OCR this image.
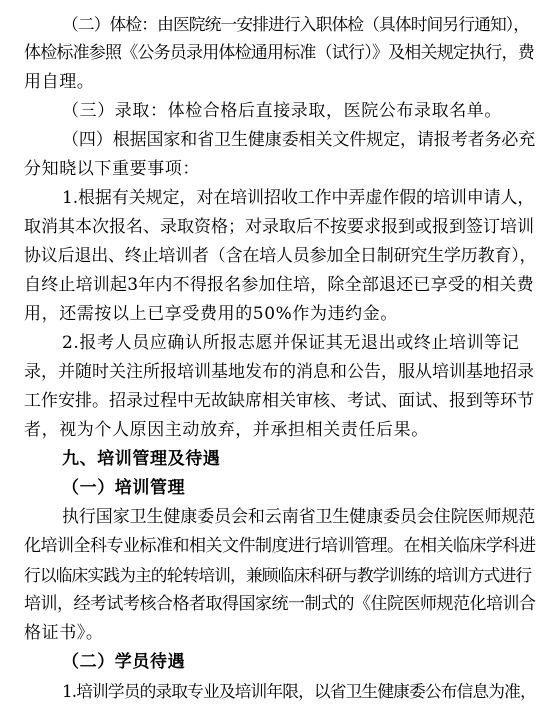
（二）体检：由医院统一安排进行入职体检（具体时间另行通知），
体检标准参照《公务员录用体检通用标准（试行）》及相关规定执行，费
用自理。
（三）录取：体检合格后直接录取，医院公布录取名单。
（四）根据国家和省卫生健康委相关文件规定，请报考者务必充
分知晓以下重要事项：
1.根据有关规定，对在培训招收工作中弄虚作假的培训申请人，
取消其本次报名、录取资格；对录取后不按要求报到或报到签订培训
协议后退出、终止培训者（含在培人员参加全日制研究生学历教育），
自终止培训起3年内不得报名参加住培，除全部退还已享受的相关费
用，还需按以上已享受费用的50%作为违约金。
2.报考人员应确认所报志愿并保证其无退出或终止培训等记
录，并随时关注所报培训基地发布的消息和公告，服从培训基地招录
工作安排。招录过程中无故缺席相关审核、考试、面试、报到等环节
者，视为个人原因主动放弃，并承担相关责任后果。
九、培训管理及待遇
（一）培训管理
执行国家卫生健康委员会和云南省卫生健康委员会住院医师规范
化培训全科专业标准和相关文件制度进行培训管理。在相关临床学科进
行以临床实践为主的轮转培训，兼顾临床科研与教学训练的培训方式进行
培训，经考试考核合格者取得国家统一制式的《住院医师规范化培训合
格证书》。
（二）学员待遇
1.培训学员的录取专业及培训年限，以省卫生健康委公布信息为准，
